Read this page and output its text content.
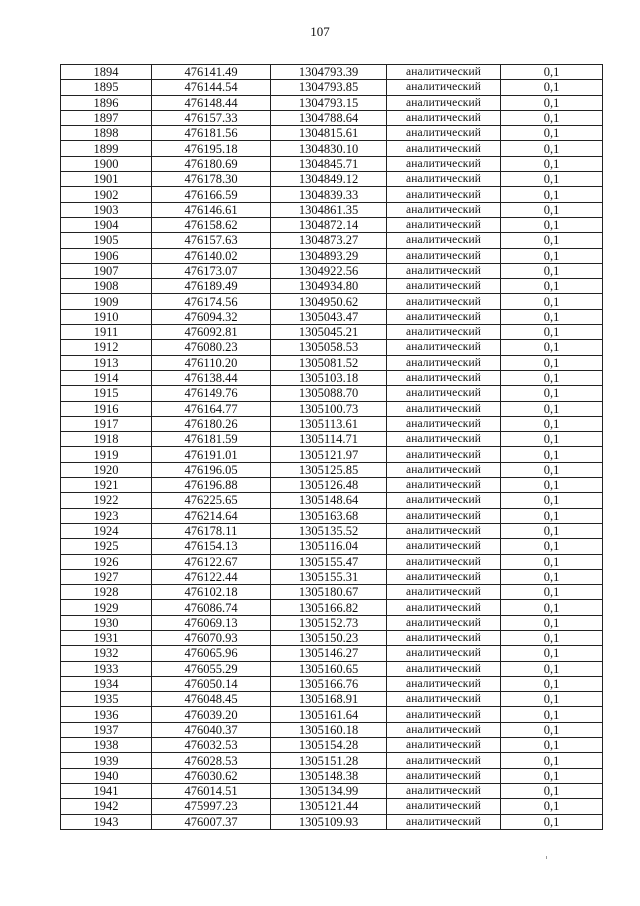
107
1894	476141.49	1304793.39	аналитический	0,1
1895	476144.54	1304793.85	аналитический	0,1
1896	476148.44	1304793.15	аналитический	0,1
1897	476157.33	1304788.64	аналитический	0,1
1898	476181.56	1304815.61	аналитический	0,1
1899	476195.18	1304830.10	аналитический	0,1
1900	476180.69	1304845.71	аналитический	0,1
1901	476178.30	1304849.12	аналитический	0,1
1902	476166.59	1304839.33	аналитический	0,1
1903	476146.61	1304861.35	аналитический	0,1
1904	476158.62	1304872.14	аналитический	0,1
1905	476157.63	1304873.27	аналитический	0,1
1906	476140.02	1304893.29	аналитический	0,1
1907	476173.07	1304922.56	аналитический	0,1
1908	476189.49	1304934.80	аналитический	0,1
1909	476174.56	1304950.62	аналитический	0,1
1910	476094.32	1305043.47	аналитический	0,1
1911	476092.81	1305045.21	аналитический	0,1
1912	476080.23	1305058.53	аналитический	0,1
1913	476110.20	1305081.52	аналитический	0,1
1914	476138.44	1305103.18	аналитический	0,1
1915	476149.76	1305088.70	аналитический	0,1
1916	476164.77	1305100.73	аналитический	0,1
1917	476180.26	1305113.61	аналитический	0,1
1918	476181.59	1305114.71	аналитический	0,1
1919	476191.01	1305121.97	аналитический	0,1
1920	476196.05	1305125.85	аналитический	0,1
1921	476196.88	1305126.48	аналитический	0,1
1922	476225.65	1305148.64	аналитический	0,1
1923	476214.64	1305163.68	аналитический	0,1
1924	476178.11	1305135.52	аналитический	0,1
1925	476154.13	1305116.04	аналитический	0,1
1926	476122.67	1305155.47	аналитический	0,1
1927	476122.44	1305155.31	аналитический	0,1
1928	476102.18	1305180.67	аналитический	0,1
1929	476086.74	1305166.82	аналитический	0,1
1930	476069.13	1305152.73	аналитический	0,1
1931	476070.93	1305150.23	аналитический	0,1
1932	476065.96	1305146.27	аналитический	0,1
1933	476055.29	1305160.65	аналитический	0,1
1934	476050.14	1305166.76	аналитический	0,1
1935	476048.45	1305168.91	аналитический	0,1
1936	476039.20	1305161.64	аналитический	0,1
1937	476040.37	1305160.18	аналитический	0,1
1938	476032.53	1305154.28	аналитический	0,1
1939	476028.53	1305151.28	аналитический	0,1
1940	476030.62	1305148.38	аналитический	0,1
1941	476014.51	1305134.99	аналитический	0,1
1942	475997.23	1305121.44	аналитический	0,1
1943	476007.37	1305109.93	аналитический	0,1
